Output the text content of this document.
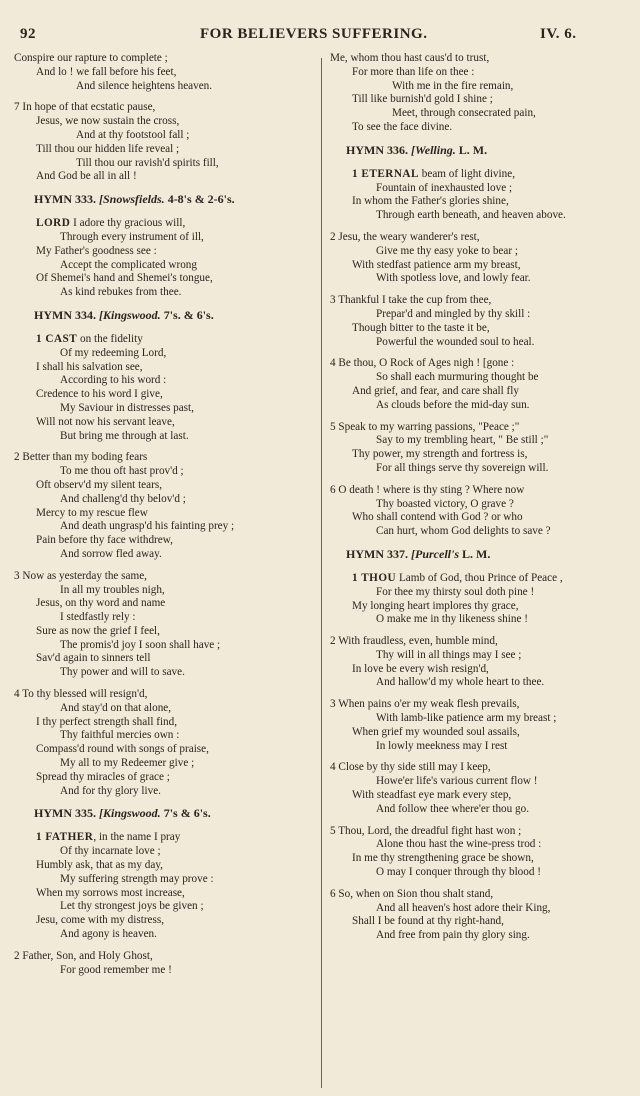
92	FOR BELIEVERS SUFFERING.	IV. 6.
Conspire our rapture to complete ;
And lo ! we fall before his feet,
And silence heightens heaven.
7 In hope of that ecstatic pause,
Jesus, we now sustain the cross,
And at thy footstool fall ;
Till thou our hidden life reveal ;
Till thou our ravish'd spirits fill,
And God be all in all !
HYMN 333. [Snowsfields. 4-8's & 2-6's.
LORD I adore thy gracious will,
Through every instrument of ill,
My Father's goodness see :
Accept the complicated wrong
Of Shemei's hand and Shemei's tongue,
As kind rebukes from thee.
HYMN 334. [Kingswood. 7's. & 6's.
1 CAST on the fidelity
Of my redeeming Lord,
I shall his salvation see,
According to his word :
Credence to his word I give,
My Saviour in distresses past,
Will not now his servant leave,
But bring me through at last.
2 Better than my boding fears
To me thou oft hast prov'd ;
Oft observ'd my silent tears,
And challeng'd thy belov'd ;
Mercy to my rescue flew
And death ungrasp'd his fainting prey ;
Pain before thy face withdrew,
And sorrow fled away.
3 Now as yesterday the same,
In all my troubles nigh,
Jesus, on thy word and name
I stedfastly rely :
Sure as now the grief I feel,
The promis'd joy I soon shall have ;
Sav'd again to sinners tell
Thy power and will to save.
4 To thy blessed will resign'd,
And stay'd on that alone,
I thy perfect strength shall find,
Thy faithful mercies own :
Compass'd round with songs of praise,
My all to my Redeemer give ;
Spread thy miracles of grace ;
And for thy glory live.
HYMN 335. [Kingswood. 7's & 6's.
1 FATHER, in the name I pray
Of thy incarnate love ;
Humbly ask, that as my day,
My suffering strength may prove :
When my sorrows most increase,
Let thy strongest joys be given ;
Jesu, come with my distress,
And agony is heaven.
2 Father, Son, and Holy Ghost,
For good remember me !
Me, whom thou hast caus'd to trust,
For more than life on thee :
With me in the fire remain,
Till like burnish'd gold I shine ;
Meet, through consecrated pain,
To see the face divine.
HYMN 336. [Welling. L. M.
1 ETERNAL beam of light divine,
Fountain of inexhausted love ;
In whom the Father's glories shine,
Through earth beneath, and heaven above.
2 Jesu, the weary wanderer's rest,
Give me thy easy yoke to bear ;
With stedfast patience arm my breast,
With spotless love, and lowly fear.
3 Thankful I take the cup from thee,
Prepar'd and mingled by thy skill :
Though bitter to the taste it be,
Powerful the wounded soul to heal.
4 Be thou, O Rock of Ages nigh ! [gone :
So shall each murmuring thought be
And grief, and fear, and care shall fly
As clouds before the mid-day sun.
5 Speak to my warring passions, "Peace ;"
Say to my trembling heart, " Be still ;"
Thy power, my strength and fortress is,
For all things serve thy sovereign will.
6 O death ! where is thy sting ? Where now
Thy boasted victory, O grave ?
Who shall contend with God ? or who
Can hurt, whom God delights to save ?
HYMN 337. [Purcell's L. M.
1 THOU Lamb of God, thou Prince of Peace ,
For thee my thirsty soul doth pine !
My longing heart implores thy grace,
O make me in thy likeness shine !
2 With fraudless, even, humble mind,
Thy will in all things may I see ;
In love be every wish resign'd,
And hallow'd my whole heart to thee.
3 When pains o'er my weak flesh prevails,
With lamb-like patience arm my breast ;
When grief my wounded soul assails,
In lowly meekness may I rest
4 Close by thy side still may I keep,
Howe'er life's various current flow !
With steadfast eye mark every step,
And follow thee where'er thou go.
5 Thou, Lord, the dreadful fight hast won ;
Alone thou hast the wine-press trod :
In me thy strengthening grace be shown,
O may I conquer through thy blood !
6 So, when on Sion thou shalt stand,
And all heaven's host adore their King,
Shall I be found at thy right-hand,
And free from pain thy glory sing.
